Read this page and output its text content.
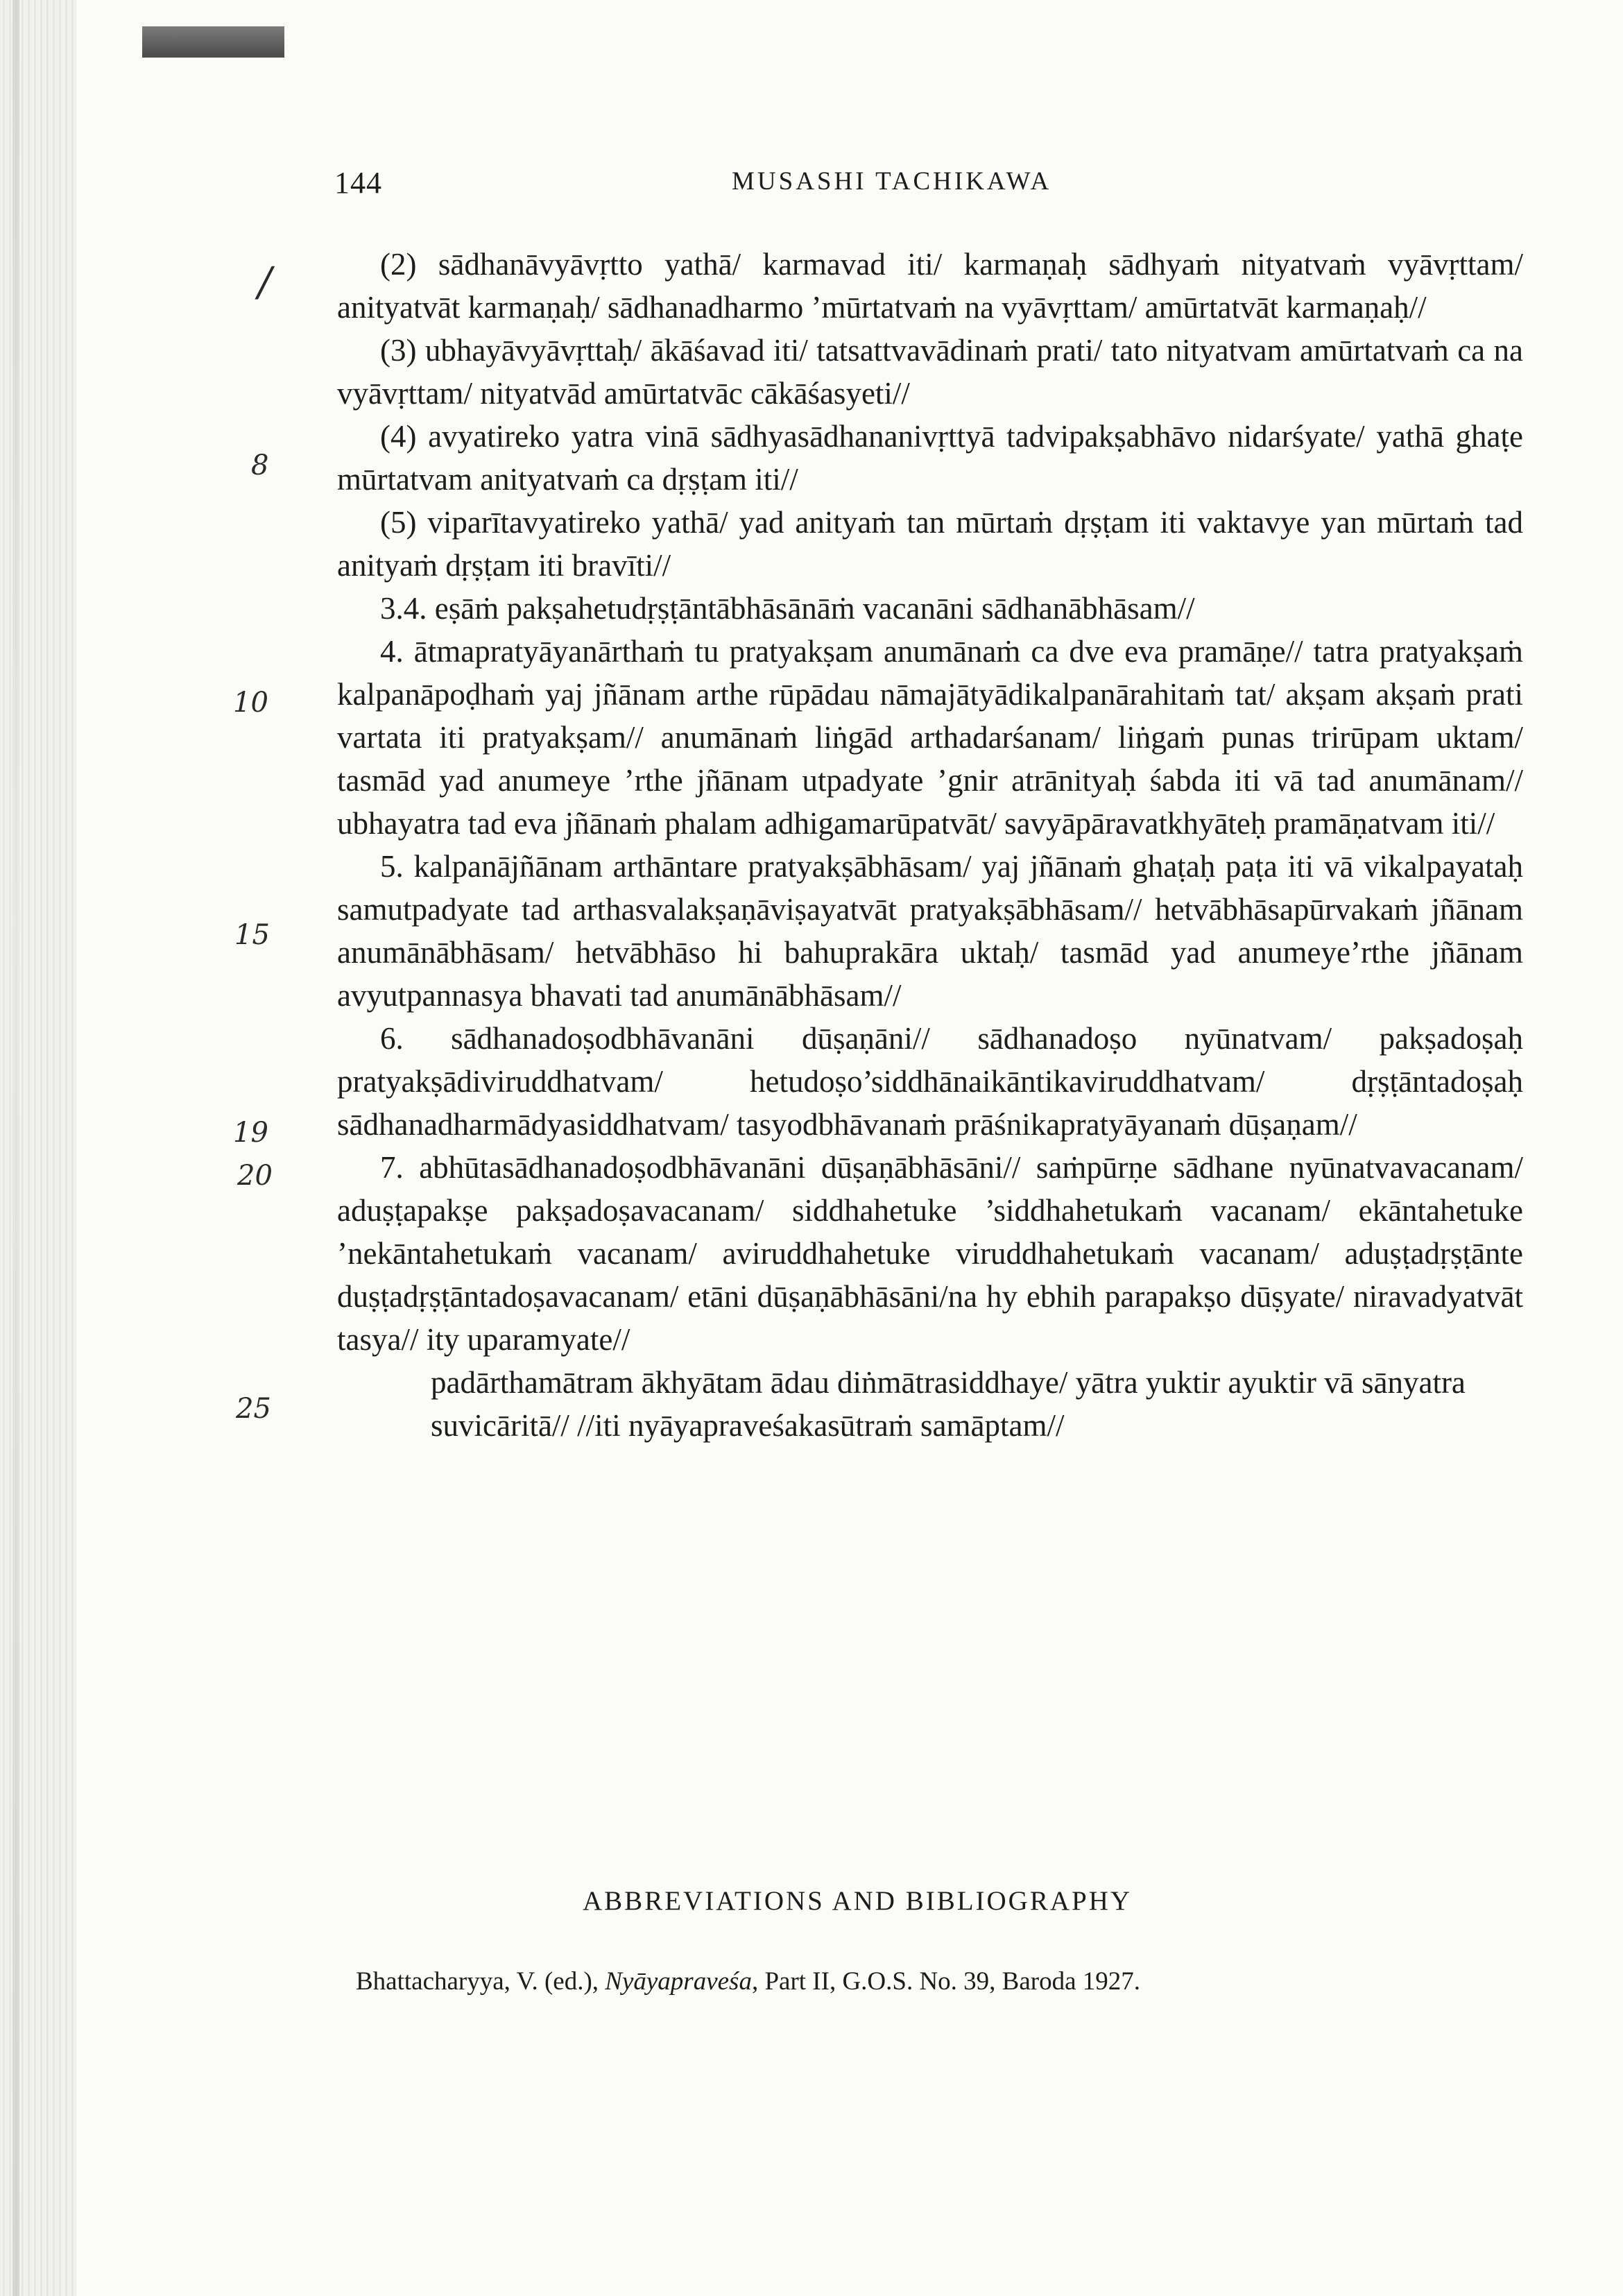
144	MUSASHI TACHIKAWA
/
8
10
15
19
20
25

(2) sādhanāvyāvṛtto yathā/ karmavad iti/ karmaṇaḥ sādhyaṁ nityatvaṁ vyāvṛttam/ anityatvāt karmaṇaḥ/ sādhanadharmo ’mūrtatvaṁ na vyāvṛttam/ amūrtatvāt karmaṇaḥ//

(3) ubhayāvyāvṛttaḥ/ ākāśavad iti/ tatsattvavādinaṁ prati/ tato nityatvam amūrtatvaṁ ca na vyāvṛttam/ nityatvād amūrtatvāc cākāśasyeti//

(4) avyatireko yatra vinā sādhyasādhananivṛttyā tadvipakṣabhāvo nidarśyate/ yathā ghaṭe mūrtatvam anityatvaṁ ca dṛṣṭam iti//

(5) viparītavyatireko yathā/ yad anityaṁ tan mūrtaṁ dṛṣṭam iti vaktavye yan mūrtaṁ tad anityaṁ dṛṣṭam iti bravīti//

3.4. eṣāṁ pakṣahetudṛṣṭāntābhāsānāṁ vacanāni sādhanābhāsam//

4. ātmapratyāyanārthaṁ tu pratyakṣam anumānaṁ ca dve eva pramāṇe// tatra pratyakṣaṁ kalpanāpoḍhaṁ yaj jñānam arthe rūpādau nāmajātyādikalpanārahitaṁ tat/ akṣam akṣaṁ prati vartata iti pratyakṣam// anumānaṁ liṅgād arthadarśanam/ liṅgaṁ punas trirūpam uktam/ tasmād yad anumeye ’rthe jñānam utpadyate ’gnir atrānityaḥ śabda iti vā tad anumānam// ubhayatra tad eva jñānaṁ phalam adhigamarūpatvāt/ savyāpāravatkhyāteḥ pramāṇatvam iti//

5. kalpanājñānam arthāntare pratyakṣābhāsam/ yaj jñānaṁ ghaṭaḥ paṭa iti vā vikalpayataḥ samutpadyate tad arthasvalakṣaṇāviṣayatvāt pratyakṣābhāsam// hetvābhāsapūrvakaṁ jñānam anumānābhāsam/ hetvābhāso hi bahuprakāra uktaḥ/ tasmād yad anumeye’rthe jñānam avyutpannasya bhavati tad anumānābhāsam//

6. sādhanadoṣodbhāvanāni dūṣaṇāni// sādhanadoṣo nyūnatvam/ pakṣadoṣaḥ pratyakṣādiviruddhatvam/ hetudoṣo’siddhānaikāntikaviruddhatvam/ dṛṣṭāntadoṣaḥ sādhanadharmādyasiddhatvam/ tasyodbhāvanaṁ prāśnikapratyāyanaṁ dūṣaṇam//

7. abhūtasādhanadoṣodbhāvanāni dūṣaṇābhāsāni// saṁpūrṇe sādhane nyūnatvavacanam/ aduṣṭapakṣe pakṣadoṣavacanam/ siddhahetuke ’siddhahetukaṁ vacanam/ ekāntahetuke ’nekāntahetukaṁ vacanam/ aviruddhahetuke viruddhahetukaṁ vacanam/ aduṣṭadṛṣṭānte duṣṭadṛṣṭāntadoṣavacanam/ etāni dūṣaṇābhāsāni/na hy ebhih parapakṣo dūṣyate/ niravadyatvāt tasya// ity uparamyate//

padārthamātram ākhyātam ādau diṅmātrasiddhaye/ yātra yuktir ayuktir vā sānyatra suvicāritā// //iti nyāyapraveśakasūtraṁ samāptam//

ABBREVIATIONS AND BIBLIOGRAPHY
Bhattacharyya, V. (ed.), Nyāyapraveśa, Part II, G.O.S. No. 39, Baroda 1927.
